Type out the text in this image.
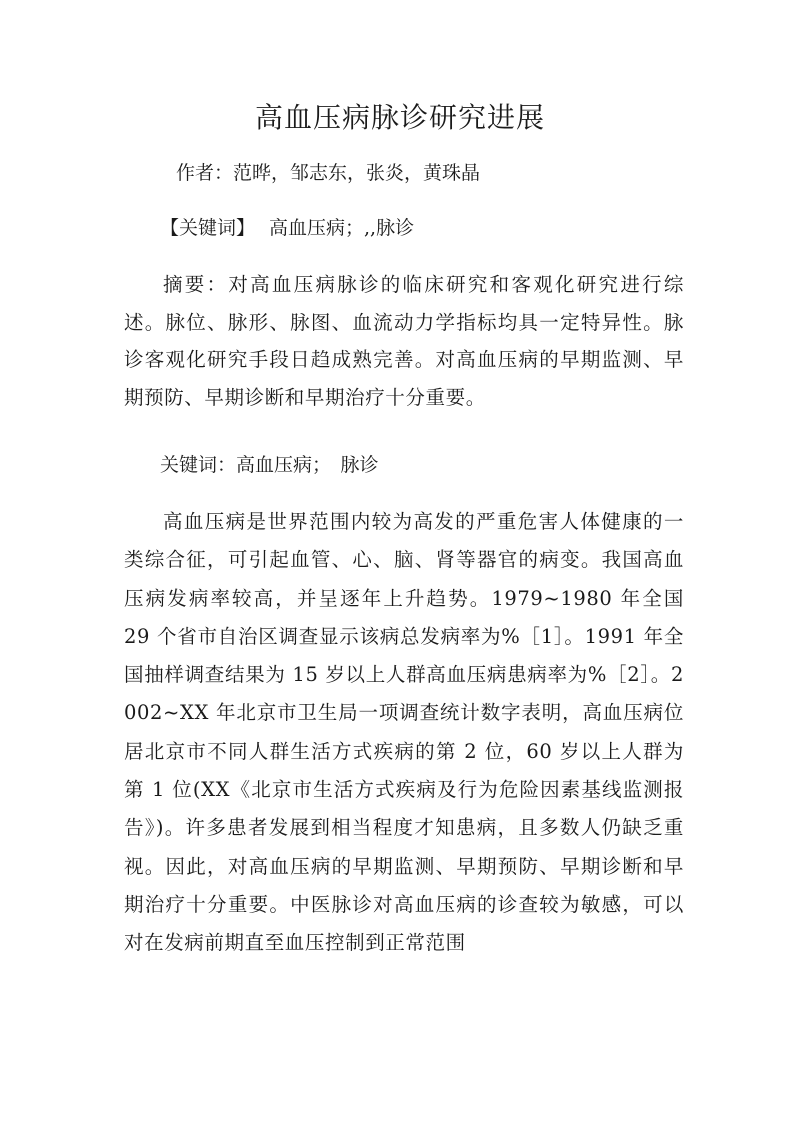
高血压病脉诊研究进展
作者：范晔，邹志东，张炎，黄珠晶
【关键词】 高血压病；,,脉诊
摘要：对高血压病脉诊的临床研究和客观化研究进行综述。脉位、脉形、脉图、血流动力学指标均具一定特异性。脉诊客观化研究手段日趋成熟完善。对高血压病的早期监测、早期预防、早期诊断和早期治疗十分重要。
关键词：高血压病；　脉诊
高血压病是世界范围内较为高发的严重危害人体健康的一类综合征，可引起血管、心、脑、肾等器官的病变。我国高血压病发病率较高，并呈逐年上升趋势。1979~1980 年全国 29 个省市自治区调查显示该病总发病率为%［1］。1991 年全国抽样调查结果为 15 岁以上人群高血压病患病率为%［2］。2 002~XX 年北京市卫生局一项调查统计数字表明，高血压病位居北京市不同人群生活方式疾病的第 2 位，60 岁以上人群为第 1 位(XX《北京市生活方式疾病及行为危险因素基线监测报告》)。许多患者发展到相当程度才知患病，且多数人仍缺乏重视。因此，对高血压病的早期监测、早期预防、早期诊断和早期治疗十分重要。中医脉诊对高血压病的诊查较为敏感，可以对在发病前期直至血压控制到正常范围
